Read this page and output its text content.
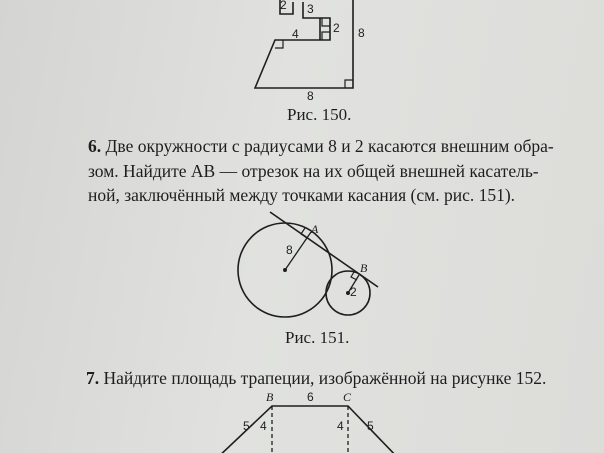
2 3
2
4	8
8
Рис. 150.
6. Две окружности с радиусами 8 и 2 касаются внешним обра-
зом. Найдите AB — отрезок на их общей внешней касатель-
ной, заключённый между точками касания (см. рис. 151).
A
B
8
2
Рис. 151.
7. Найдите площадь трапеции, изображённой на рисунке 152.
B	C
6
5	5
4	4
